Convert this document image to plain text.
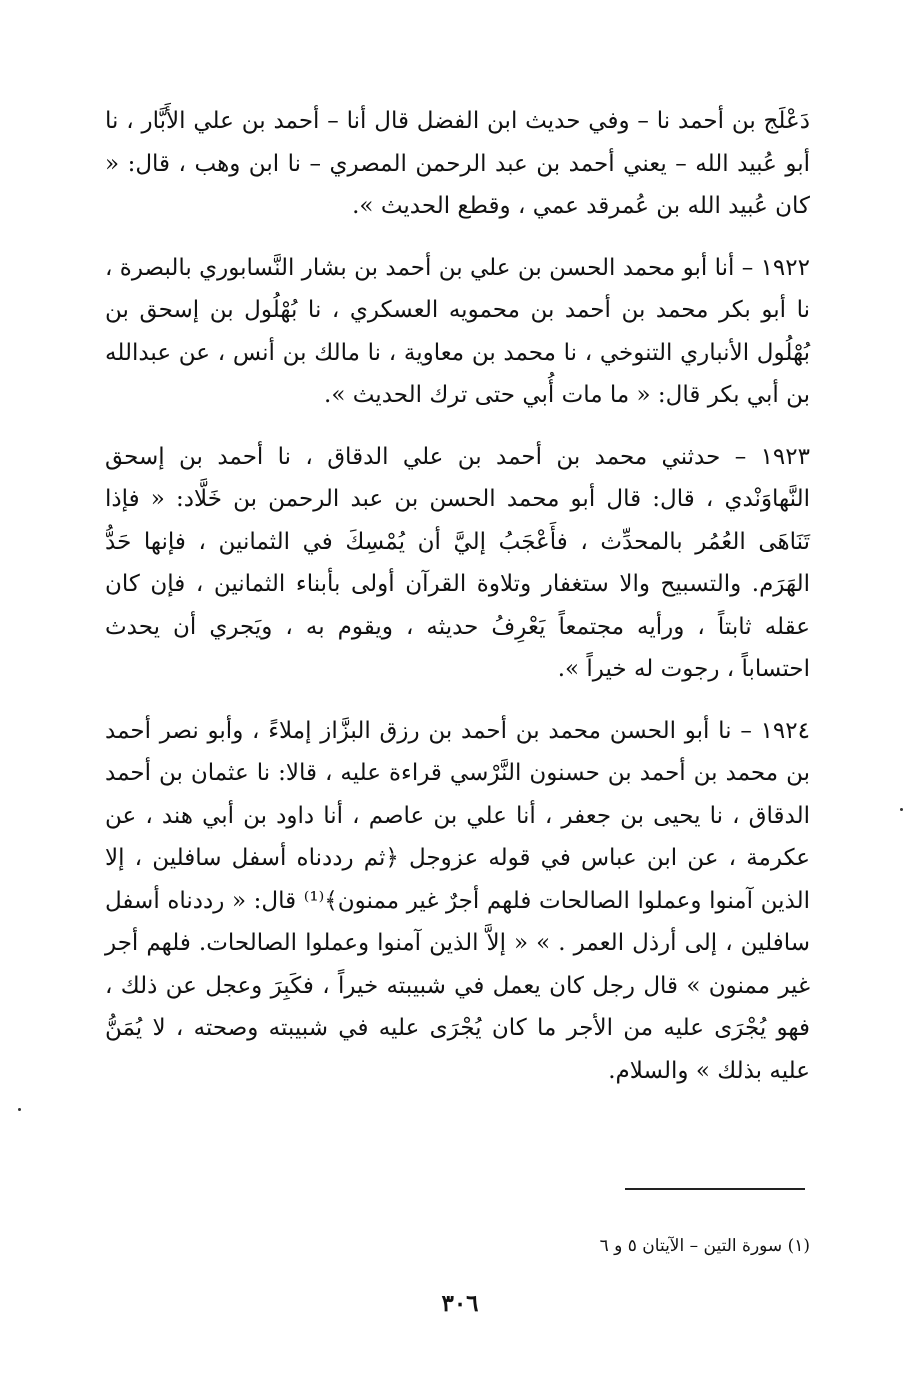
دَعْلَج بن أحمد نا – وفي حديث ابن الفضل قال أنا – أحمد بن علي الأَبَّار ، نا أبو عُبيد الله – يعني أحمد بن عبد الرحمن المصري – نا ابن وهب ، قال: « كان عُبيد الله بن عُمرقد عمي ، وقطع الحديث ».

١٩٢٢ – أنا أبو محمد الحسن بن علي بن أحمد بن بشار النَّسابوري بالبصرة ، نا أبو بكر محمد بن أحمد بن محمويه العسكري ، نا بُهْلُول بن إسحق بن بُهْلُول الأنباري التنوخي ، نا محمد بن معاوية ، نا مالك بن أنس ، عن عبدالله بن أبي بكر قال: « ما مات أُبي حتى ترك الحديث ».

١٩٢٣ – حدثني محمد بن أحمد بن علي الدقاق ، نا أحمد بن إسحق النَّهاوَنْدي ، قال: قال أبو محمد الحسن بن عبد الرحمن بن خَلَّاد: « فإذا تَنَاهَى العُمُر بالمحدِّث ، فأَعْجَبُ إليَّ أن يُمْسِكَ في الثمانين ، فإنها حَدُّ الهَرَم. والتسبيح والا ستغفار وتلاوة القرآن أولى بأبناء الثمانين ، فإن كان عقله ثابتاً ، ورأيه مجتمعاً يَعْرِفُ حديثه ، ويقوم به ، ويَجري أن يحدث احتساباً ، رجوت له خيراً ».

١٩٢٤ – نا أبو الحسن محمد بن أحمد بن رزق البزَّاز إملاءً ، وأبو نصر أحمد بن محمد بن أحمد بن حسنون النَّرْسي قراءة عليه ، قالا: نا عثمان بن أحمد الدقاق ، نا يحيى بن جعفر ، أنا علي بن عاصم ، أنا داود بن أبي هند ، عن عكرمة ، عن ابن عباس في قوله عزوجل ﴿ثم رددناه أسفل سافلين ، إلا الذين آمنوا وعملوا الصالحات فلهم أجرٌ غير ممنون﴾⁽¹⁾ قال: « رددناه أسفل سافلين ، إلى أرذل العمر . » « إلاَّ الذين آمنوا وعملوا الصالحات. فلهم أجر غير ممنون » قال رجل كان يعمل في شبيبته خيراً ، فكَبِرَ وعجل عن ذلك ، فهو يُجْرَى عليه من الأجر ما كان يُجْرَى عليه في شبيبته وصحته ، لا يُمَنُّ عليه بذلك » والسلام.

(١) سورة التين – الآيتان ٥ و ٦
٣٠٦
